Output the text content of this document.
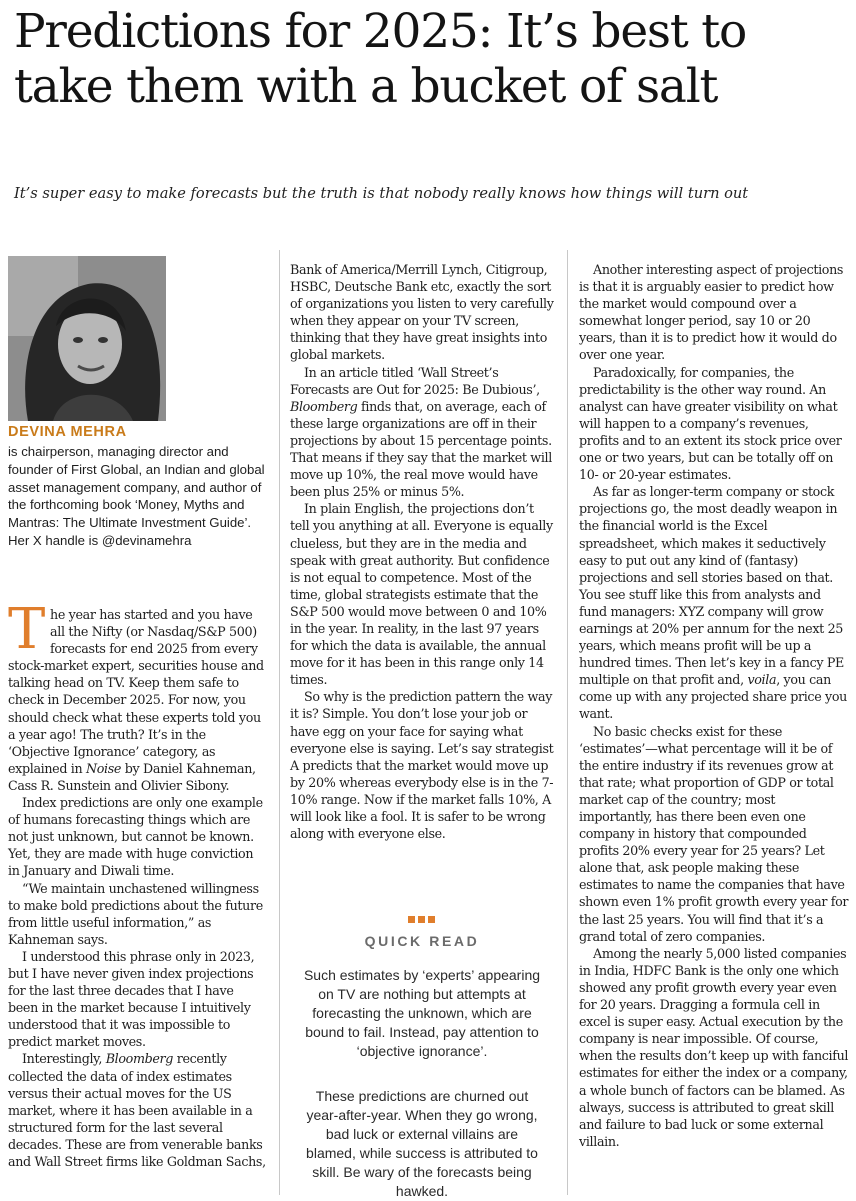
Predictions for 2025: It’s best to
take them with a bucket of salt

It’s super easy to make forecasts but the truth is that nobody really knows how things will turn out

DEVINA MEHRA

is chairperson, managing director and founder of First Global, an Indian and global asset management company, and author of the forthcoming book ‘Money, Myths and Mantras: The Ultimate Investment Guide’. Her X handle is @devinamehra

The year has started and you have all the Nifty (or Nasdaq/S&P 500) forecasts for end 2025 from every stock-market expert, securities house and talking head on TV. Keep them safe to check in December 2025. For now, you should check what these experts told you a year ago! The truth? It’s in the ‘Objective Ignorance’ category, as explained in Noise by Daniel Kahneman, Cass R. Sunstein and Olivier Sibony.

Index predictions are only one example of humans forecasting things which are not just unknown, but cannot be known. Yet, they are made with huge conviction in January and Diwali time.

“We maintain unchastened willingness to make bold predictions about the future from little useful information,” as Kahneman says.

I understood this phrase only in 2023, but I have never given index projections for the last three decades that I have been in the market because I intuitively understood that it was impossible to predict market moves.

Interestingly, Bloomberg recently collected the data of index estimates versus their actual moves for the US market, where it has been available in a structured form for the last several decades. These are from venerable banks and Wall Street firms like Goldman Sachs,

Bank of America/Merrill Lynch, Citigroup, HSBC, Deutsche Bank etc, exactly the sort of organizations you listen to very carefully when they appear on your TV screen, thinking that they have great insights into global markets.

In an article titled ‘Wall Street’s Forecasts are Out for 2025: Be Dubious’, Bloomberg finds that, on average, each of these large organizations are off in their projections by about 15 percentage points. That means if they say that the market will move up 10%, the real move would have been plus 25% or minus 5%.

In plain English, the projections don’t tell you anything at all. Everyone is equally clueless, but they are in the media and speak with great authority. But confidence is not equal to competence. Most of the time, global strategists estimate that the S&P 500 would move between 0 and 10% in the year. In reality, in the last 97 years for which the data is available, the annual move for it has been in this range only 14 times.

So why is the prediction pattern the way it is? Simple. You don’t lose your job or have egg on your face for saying what everyone else is saying. Let’s say strategist A predicts that the market would move up by 20% whereas everybody else is in the 7-10% range. Now if the market falls 10%, A will look like a fool. It is safer to be wrong along with everyone else.

QUICK READ

Such estimates by ‘experts’ appearing on TV are nothing but attempts at forecasting the unknown, which are bound to fail. Instead, pay attention to ‘objective ignorance’.

These predictions are churned out year-after-year. When they go wrong, bad luck or external villains are blamed, while success is attributed to skill. Be wary of the forecasts being hawked.

Another interesting aspect of projections is that it is arguably easier to predict how the market would compound over a somewhat longer period, say 10 or 20 years, than it is to predict how it would do over one year.

Paradoxically, for companies, the predictability is the other way round. An analyst can have greater visibility on what will happen to a company’s revenues, profits and to an extent its stock price over one or two years, but can be totally off on 10- or 20-year estimates.

As far as longer-term company or stock projections go, the most deadly weapon in the financial world is the Excel spreadsheet, which makes it seductively easy to put out any kind of (fantasy) projections and sell stories based on that. You see stuff like this from analysts and fund managers: XYZ company will grow earnings at 20% per annum for the next 25 years, which means profit will be up a hundred times. Then let’s key in a fancy PE multiple on that profit and, voila, you can come up with any projected share price you want.

No basic checks exist for these ‘estimates’—what percentage will it be of the entire industry if its revenues grow at that rate; what proportion of GDP or total market cap of the country; most importantly, has there been even one company in history that compounded profits 20% every year for 25 years? Let alone that, ask people making these estimates to name the companies that have shown even 1% profit growth every year for the last 25 years. You will find that it’s a grand total of zero companies.

Among the nearly 5,000 listed companies in India, HDFC Bank is the only one which showed any profit growth every year even for 20 years. Dragging a formula cell in excel is super easy. Actual execution by the company is near impossible. Of course, when the results don’t keep up with fanciful estimates for either the index or a company, a whole bunch of factors can be blamed. As always, success is attributed to great skill and failure to bad luck or some external villain.
